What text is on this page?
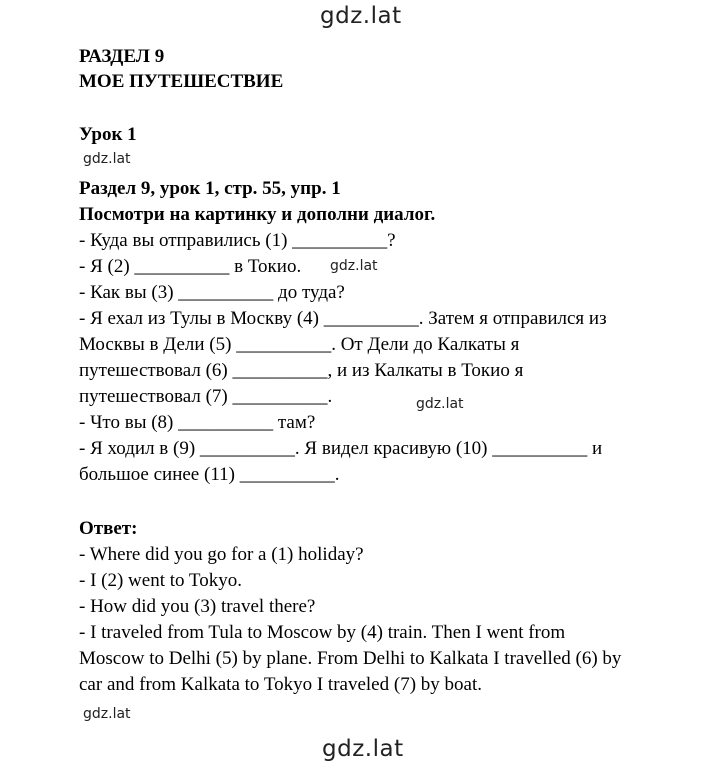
gdz.lat
РАЗДЕЛ 9
МОЕ ПУТЕШЕСТВИЕ
Урок 1
gdz.lat
Раздел 9, урок 1, стр. 55, упр. 1
Посмотри на картинку и дополни диалог.
- Куда вы отправились (1) __________?
- Я (2) __________ в Токио. gdz.lat
- Как вы (3) __________ до туда?
- Я ехал из Тулы в Москву (4) __________. Затем я отправился из
Москвы в Дели (5) __________. От Дели до Калкаты я
путешествовал (6) __________, и из Калкаты в Токио я
путешествовал (7) __________.	gdz.lat
- Что вы (8) __________ там?
- Я ходил в (9) __________. Я видел красивую (10) __________ и
большое синее (11) __________.
Ответ:
- Where did you go for a (1) holiday?
- I (2) went to Tokyo.
- How did you (3) travel there?
- I traveled from Tula to Moscow by (4) train. Then I went from
Moscow to Delhi (5) by plane. From Delhi to Kalkata I travelled (6) by
car and from Kalkata to Tokyo I traveled (7) by boat.
gdz.lat
gdz.lat
